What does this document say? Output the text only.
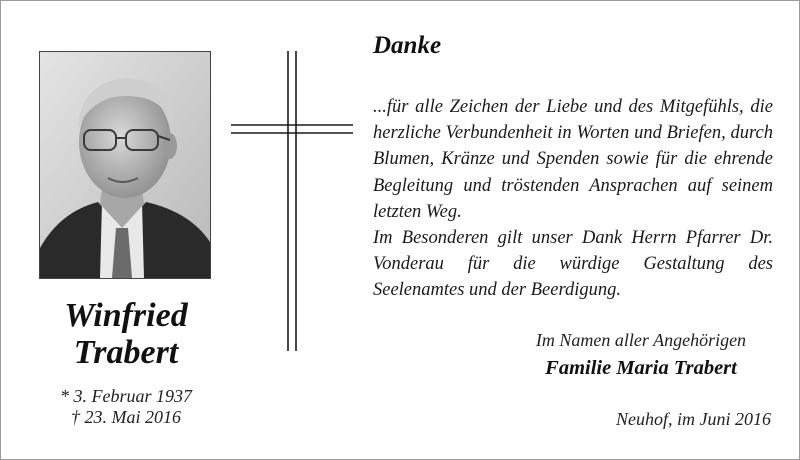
Winfried
Trabert
* 3. Februar 1937
† 23. Mai 2016
Danke

...für alle Zeichen der Liebe und des Mitgefühls, die herzliche Verbundenheit in Worten und Briefen, durch Blumen, Kränze und Spenden sowie für die ehrende Begleitung und tröstenden Ansprachen auf seinem letzten Weg.

Im Besonderen gilt unser Dank Herrn Pfarrer Dr. Vonderau für die würdige Gestaltung des Seelenamtes und der Beerdigung.

Im Namen aller Angehörigen
Familie Maria Trabert
Neuhof, im Juni 2016
